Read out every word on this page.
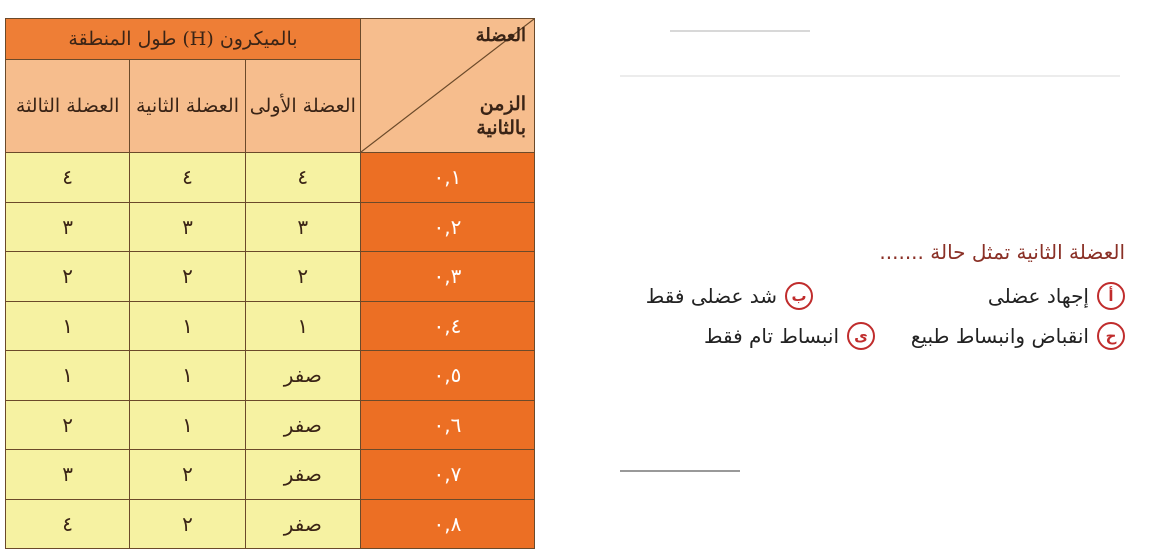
طول المنطقة (H) بالميكرون			العضلة
الزمن بالثانية

العضلة الثالثة	العضلة الثانية	العضلة الأولى	
٤	٤	٤	٠,١
٣	٣	٣	٠,٢
٢	٢	٢	٠,٣
١	١	١	٠,٤
١	١	صفر	٠,٥
٢	١	صفر	٠,٦
٣	٢	صفر	٠,٧
٤	٢	صفر	٠,٨
العضلة الثانية تمثل حالة .......
أ
إجهاد عضلى
ب
شد عضلى فقط
ح
انقباض وانبساط طبيع
ى
انبساط تام فقط
